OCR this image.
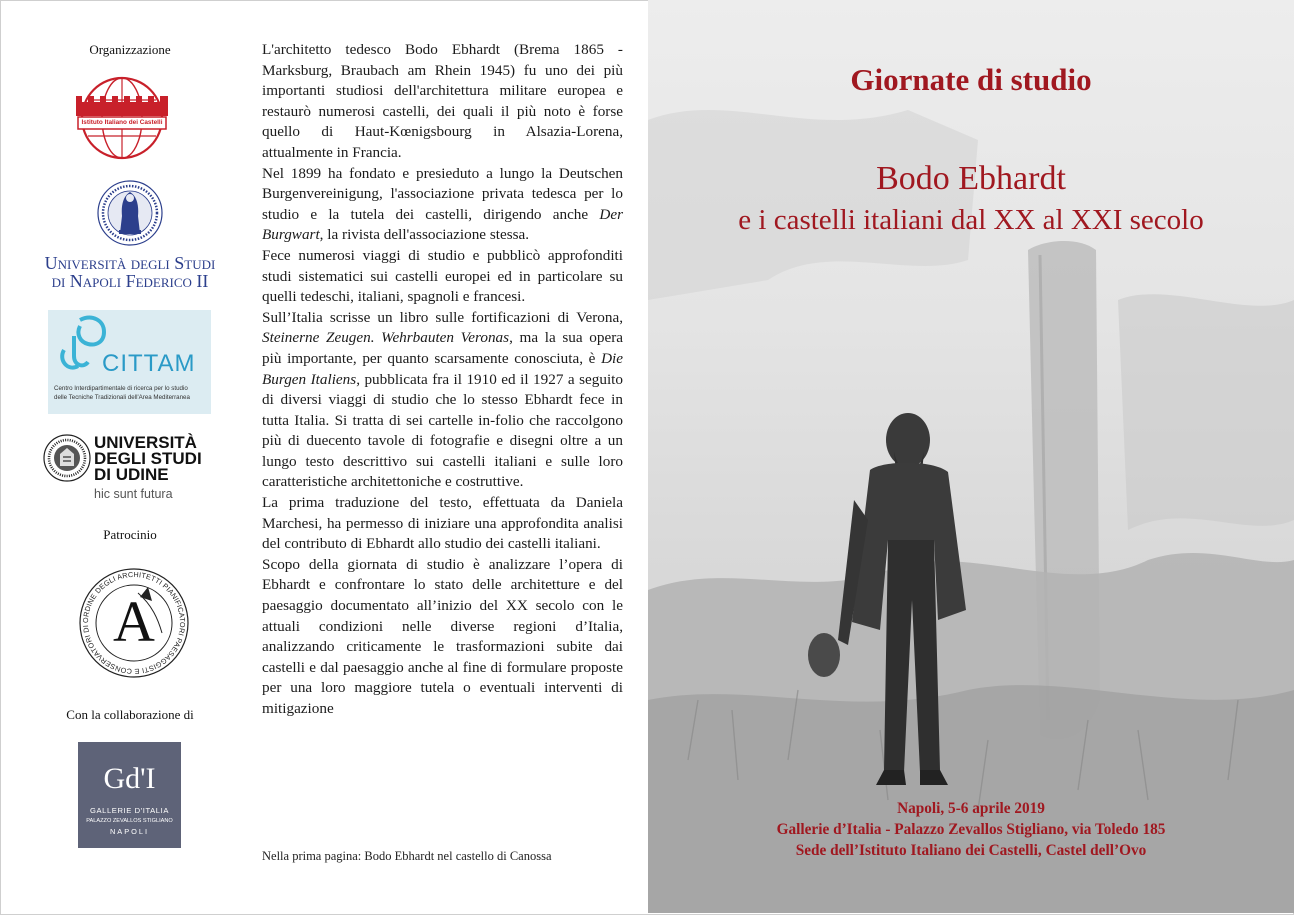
Organizzazione
Istituto Italiano dei Castelli
Università degli Studi
di Napoli Federico II
CITTAM
Centro Interdipartimentale di ricerca per lo studio
delle Tecniche Tradizionali dell'Area Mediterranea
UNIVERSITÀ
DEGLI STUDI
DI UDINE
hic sunt futura
Patrocinio
ORDINE DEGLI ARCHITETTI PIANIFICATORI PAESAGGISTI E CONSERVATORI DI A
Con la collaborazione di
Gd'I
GALLERIE D'ITALIA
PALAZZO ZEVALLOS STIGLIANO
NAPOLI

L'architetto tedesco Bodo Ebhardt (Brema 1865 - Marksburg, Braubach am Rhein 1945) fu uno dei più importanti studiosi dell'architettura militare europea e restaurò numerosi castelli, dei quali il più noto è forse quello di Haut-Kœnigsbourg in Alsazia-Lorena, attualmente in Francia.

Nel 1899 ha fondato e presieduto a lungo la Deutschen Burgenvereinigung, l'associazione privata tedesca per lo studio e la tutela dei castelli, dirigendo anche Der Burgwart, la rivista dell'associazione stessa.

Fece numerosi viaggi di studio e pubblicò approfonditi studi sistematici sui castelli europei ed in particolare su quelli tedeschi, italiani, spagnoli e francesi.

Sull’Italia scrisse un libro sulle fortificazioni di Verona, Steinerne Zeugen. Wehrbauten Veronas, ma la sua opera più importante, per quanto scarsamente conosciuta, è Die Burgen Italiens, pubblicata fra il 1910 ed il 1927 a seguito di diversi viaggi di studio che lo stesso Ebhardt fece in tutta Italia. Si tratta di sei cartelle in-folio che raccolgono più di duecento tavole di fotografie e disegni oltre a un lungo testo descrittivo sui castelli italiani e sulle loro caratteristiche architettoniche e costruttive.

La prima traduzione del testo, effettuata da Daniela Marchesi, ha permesso di iniziare una approfondita analisi del contributo di Ebhardt allo studio dei castelli italiani.

Scopo della giornata di studio è analizzare l’opera di Ebhardt e confrontare lo stato delle architetture e del paesaggio documentato all’inizio del XX secolo con le attuali condizioni nelle diverse regioni d’Italia, analizzando criticamente le trasformazioni subite dai castelli e dal paesaggio anche al fine di formulare proposte per una loro maggiore tutela o eventuali interventi di mitigazione

Nella prima pagina: Bodo Ebhardt nel castello di Canossa
Giornate di studio
Bodo Ebhardt
e i castelli italiani dal XX al XXI secolo
Napoli, 5-6 aprile 2019
Gallerie d’Italia - Palazzo Zevallos Stigliano, via Toledo 185
Sede dell’Istituto Italiano dei Castelli, Castel dell’Ovo
